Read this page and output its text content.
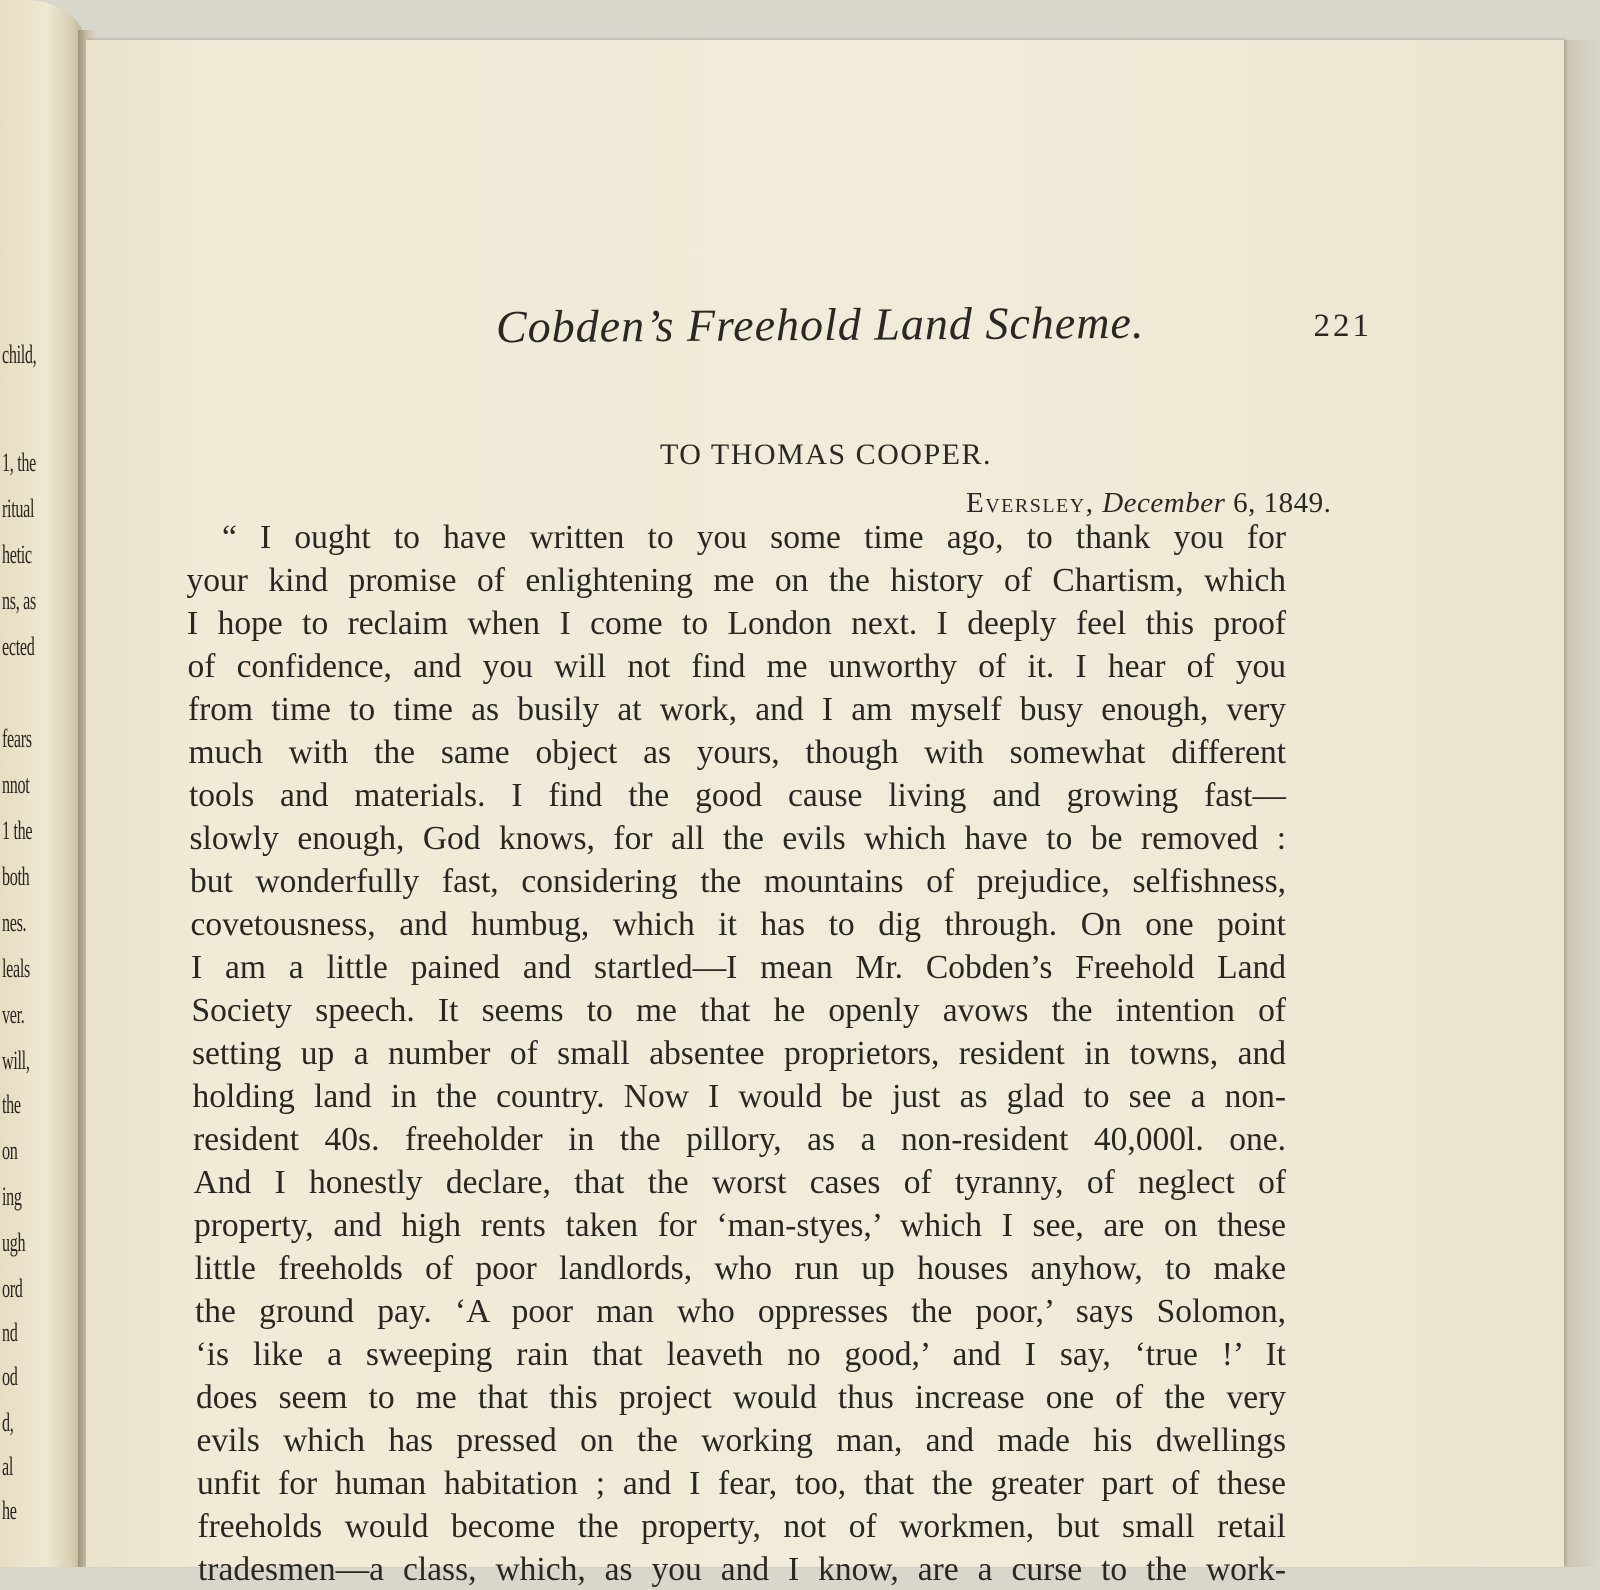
child,
1, the
ritual
hetic
ns, as
ected
fears
nnot
1 the
both
nes.
leals
ver.
will,
the
on
ing
ugh
ord
nd
od
d,
al
he
Cobden’s Freehold Land Scheme.	221
TO THOMAS COOPER.
Eversley, December 6, 1849.
“ I ought to have written to you some time ago, to thank you for
your kind promise of enlightening me on the history of Chartism, which
I hope to reclaim when I come to London next. I deeply feel this proof
of confidence, and you will not find me unworthy of it. I hear of you
from time to time as busily at work, and I am myself busy enough, very
much with the same object as yours, though with somewhat different
tools and materials. I find the good cause living and growing fast—
slowly enough, God knows, for all the evils which have to be removed :
but wonderfully fast, considering the mountains of prejudice, selfishness,
covetousness, and humbug, which it has to dig through. On one point
I am a little pained and startled—I mean Mr. Cobden’s Freehold Land
Society speech. It seems to me that he openly avows the intention of
setting up a number of small absentee proprietors, resident in towns, and
holding land in the country. Now I would be just as glad to see a non-
resident 40s. freeholder in the pillory, as a non-resident 40,000l. one.
And I honestly declare, that the worst cases of tyranny, of neglect of
property, and high rents taken for ‘man-styes,’ which I see, are on these
little freeholds of poor landlords, who run up houses anyhow, to make
the ground pay. ‘A poor man who oppresses the poor,’ says Solomon,
‘is like a sweeping rain that leaveth no good,’ and I say, ‘true !’ It
does seem to me that this project would thus increase one of the very
evils which has pressed on the working man, and made his dwellings
unfit for human habitation ; and I fear, too, that the greater part of these
freeholds would become the property, not of workmen, but small retail
tradesmen—a class, which, as you and I know, are a curse to the work-
